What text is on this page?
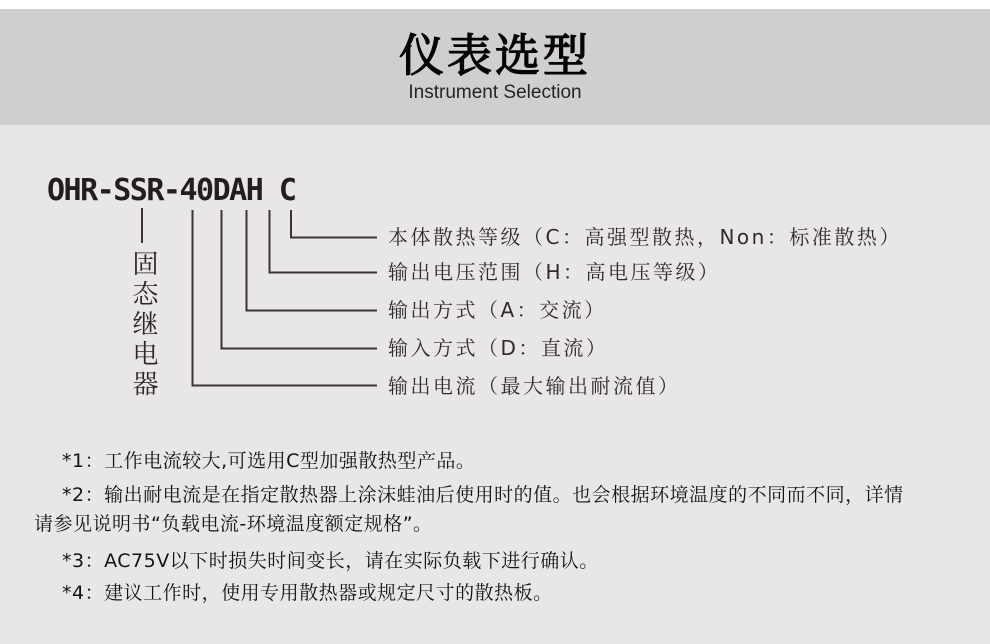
仪表选型
Instrument Selection
OHR-SSR-40DAH C
固态继电器
本体散热等级（C：高强型散热，Non：标准散热）
输出电压范围（H：高电压等级）
输出方式（A：交流）
输入方式（D：直流）
输出电流（最大输出耐流值）

*1：工作电流较大,可选用C型加强散热型产品。

*2：输出耐电流是在指定散热器上涂沫蛙油后使用时的值。也会根据环境温度的不同而不同，详情

请参见说明书“负载电流-环境温度额定规格”。

*3：AC75V以下时损失时间变长，请在实际负载下进行确认。

*4：建议工作时，使用专用散热器或规定尺寸的散热板。
